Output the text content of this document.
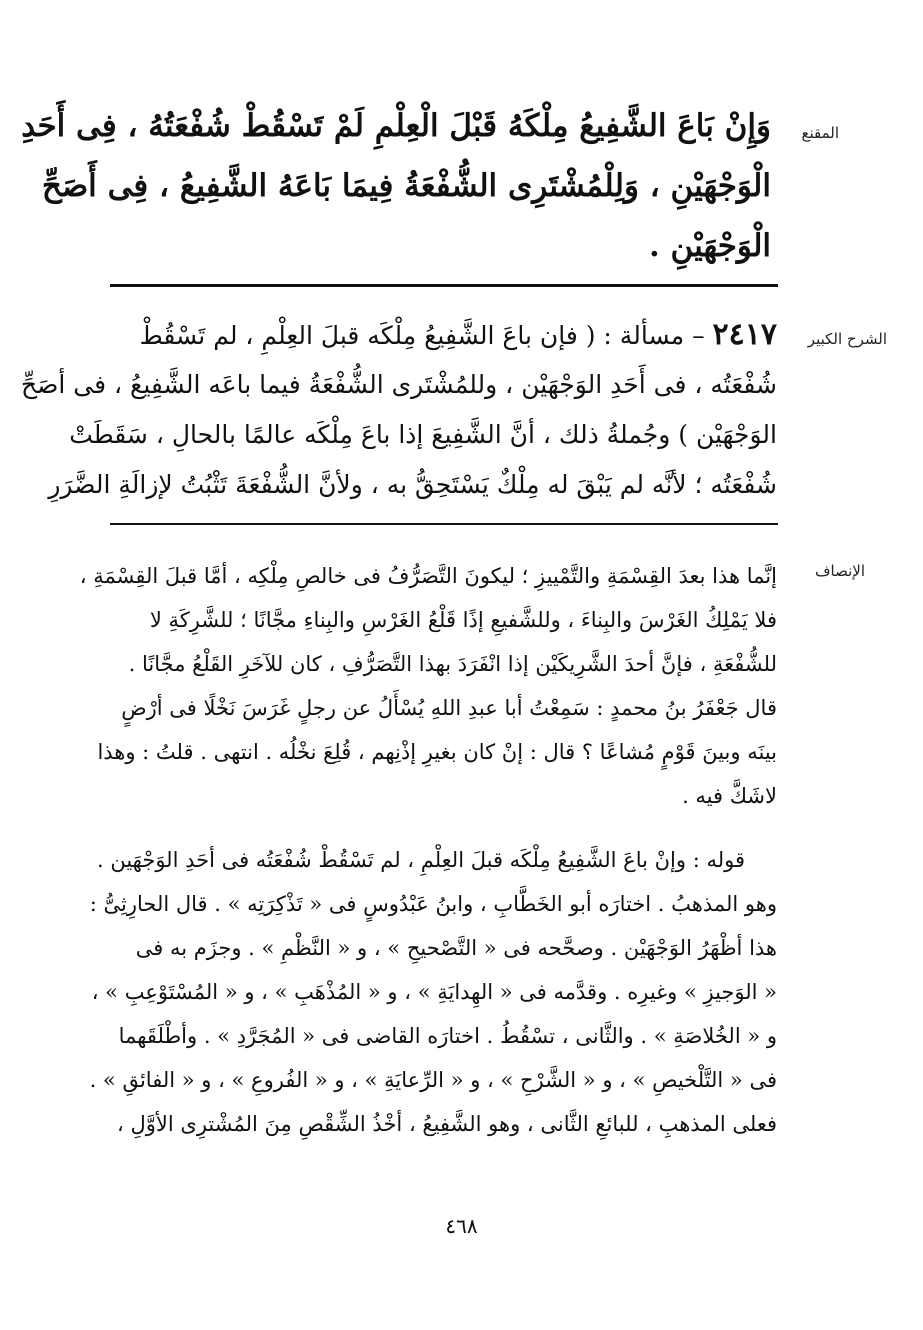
المقنع
وَإِنْ بَاعَ الشَّفِيعُ مِلْكَهُ قَبْلَ الْعِلْمِ لَمْ تَسْقُطْ شُفْعَتُهُ ، فِى أَحَدِ
الْوَجْهَيْنِ ، وَلِلْمُشْتَرِى الشُّفْعَةُ فِيمَا بَاعَهُ الشَّفِيعُ ، فِى أَصَحِّ
الْوَجْهَيْنِ .
الشرح الكبير
٢٤١٧ – مسألة : ( فإن باعَ الشَّفِيعُ مِلْكَه قبلَ العِلْمِ ، لم تَسْقُطْ
شُفْعَتُه ، فى أَحَدِ الوَجْهَيْن ، وللمُشْتَرى الشُّفْعَةُ فيما باعَه الشَّفِيعُ ، فى أصَحِّ
الوَجْهَيْن ) وجُملةُ ذلك ، أنَّ الشَّفِيعَ إذا باعَ مِلْكَه عالمًا بالحالِ ، سَقَطَتْ
شُفْعَتُه ؛ لأنَّه لم يَبْقَ له مِلْكٌ يَسْتَحِقُّ به ، ولأنَّ الشُّفْعَةَ تَثْبُتُ لإزالَةِ الضَّرَرِ
الإنصاف
إنَّما هذا بعدَ القِسْمَةِ والتَّمْييزِ ؛ ليكونَ التَّصَرُّفُ فى خالصِ مِلْكِه ، أمَّا قبلَ القِسْمَةِ ،
فلا يَمْلِكُ الغَرْسَ والبِناءَ ، وللشَّفيعِ إذًا قَلْعُ الغَرْسِ والبِناءِ مجَّانًا ؛ للشَّرِكَةِ لا
للشُّفْعَةِ ، فإنَّ أحدَ الشَّرِيكَيْن إذا انْفَرَدَ بهذا التَّصَرُّفِ ، كان للآخَرِ القَلْعُ مجَّانًا .
قال جَعْفَرُ بنُ محمدٍ : سَمِعْتُ أبا عبدِ اللهِ يُسْأَلُ عن رجلٍ غَرَسَ نَخْلًا فى أرْضٍ
بينَه وبينَ قَوْمٍ مُشاعًا ؟ قال : إنْ كان بغيرِ إذْنِهم ، قُلِعَ نخْلُه . انتهى . قلتُ : وهذا
لاشَكَّ فيه .
قوله : وإنْ باعَ الشَّفِيعُ مِلْكَه قبلَ العِلْمِ ، لم تَسْقُطْ شُفْعَتُه فى أحَدِ الوَجْهَين .
وهو المذهبُ . اختارَه أبو الخَطَّابِ ، وابنُ عَبْدُوسٍ فى « تَذْكِرَتِه » . قال الحارِثِىُّ :
هذا أظْهَرُ الوَجْهَيْن . وصحَّحه فى « التَّصْحيحِ » ، و « النَّظْمِ » . وجزَم به فى
« الوَجيزِ » وغيرِه . وقدَّمه فى « الهِدايَةِ » ، و « المُذْهَبِ » ، و « المُسْتَوْعِبِ » ،
و « الخُلاصَةِ » . والثَّانى ، تسْقُطُ . اختارَه القاضى فى « المُجَرَّدِ » . وأطْلَقَهما
فى « التَّلْخيصِ » ، و « الشَّرْحِ » ، و « الرِّعايَةِ » ، و « الفُروعِ » ، و « الفائقِ » .
فعلى المذهبِ ، للبائعِ الثَّانى ، وهو الشَّفِيعُ ، أخْذُ الشِّقْصِ مِنَ المُشْترِى الأوَّلِ ،
٤٦٨
